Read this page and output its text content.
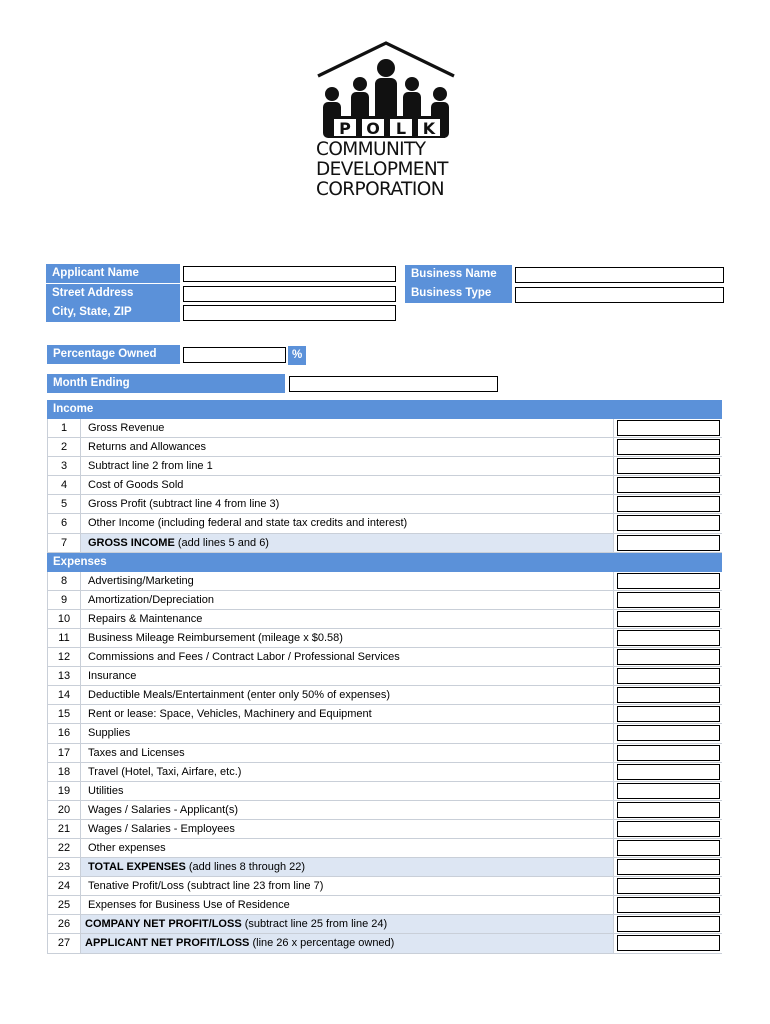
P O L K
COMMUNITY
DEVELOPMENT
CORPORATION
Applicant Name
Street Address
City, State, ZIP
Business Name
Business Type
Percentage Owned	%
Month Ending
Income
1	Gross Revenue
2	Returns and Allowances
3	Subtract line 2 from line 1
4	Cost of Goods Sold
5	Gross Profit (subtract line 4 from line 3)
6	Other Income (including federal and state tax credits and interest)
7	GROSS INCOME (add lines 5 and 6)
Expenses
8	Advertising/Marketing
9	Amortization/Depreciation
10	Repairs & Maintenance
11	Business Mileage Reimbursement (mileage x $0.58)
12	Commissions and Fees / Contract Labor / Professional Services
13	Insurance
14	Deductible Meals/Entertainment (enter only 50% of expenses)
15	Rent or lease: Space, Vehicles, Machinery and Equipment
16	Supplies
17	Taxes and Licenses
18	Travel (Hotel, Taxi, Airfare, etc.)
19	Utilities
20	Wages / Salaries - Applicant(s)
21	Wages / Salaries - Employees
22	Other expenses
23	TOTAL EXPENSES (add lines 8 through 22)
24	Tenative Profit/Loss (subtract line 23 from line 7)
25	Expenses for Business Use of Residence
26	COMPANY NET PROFIT/LOSS (subtract line 25 from line 24)
27	APPLICANT NET PROFIT/LOSS (line 26 x percentage owned)
